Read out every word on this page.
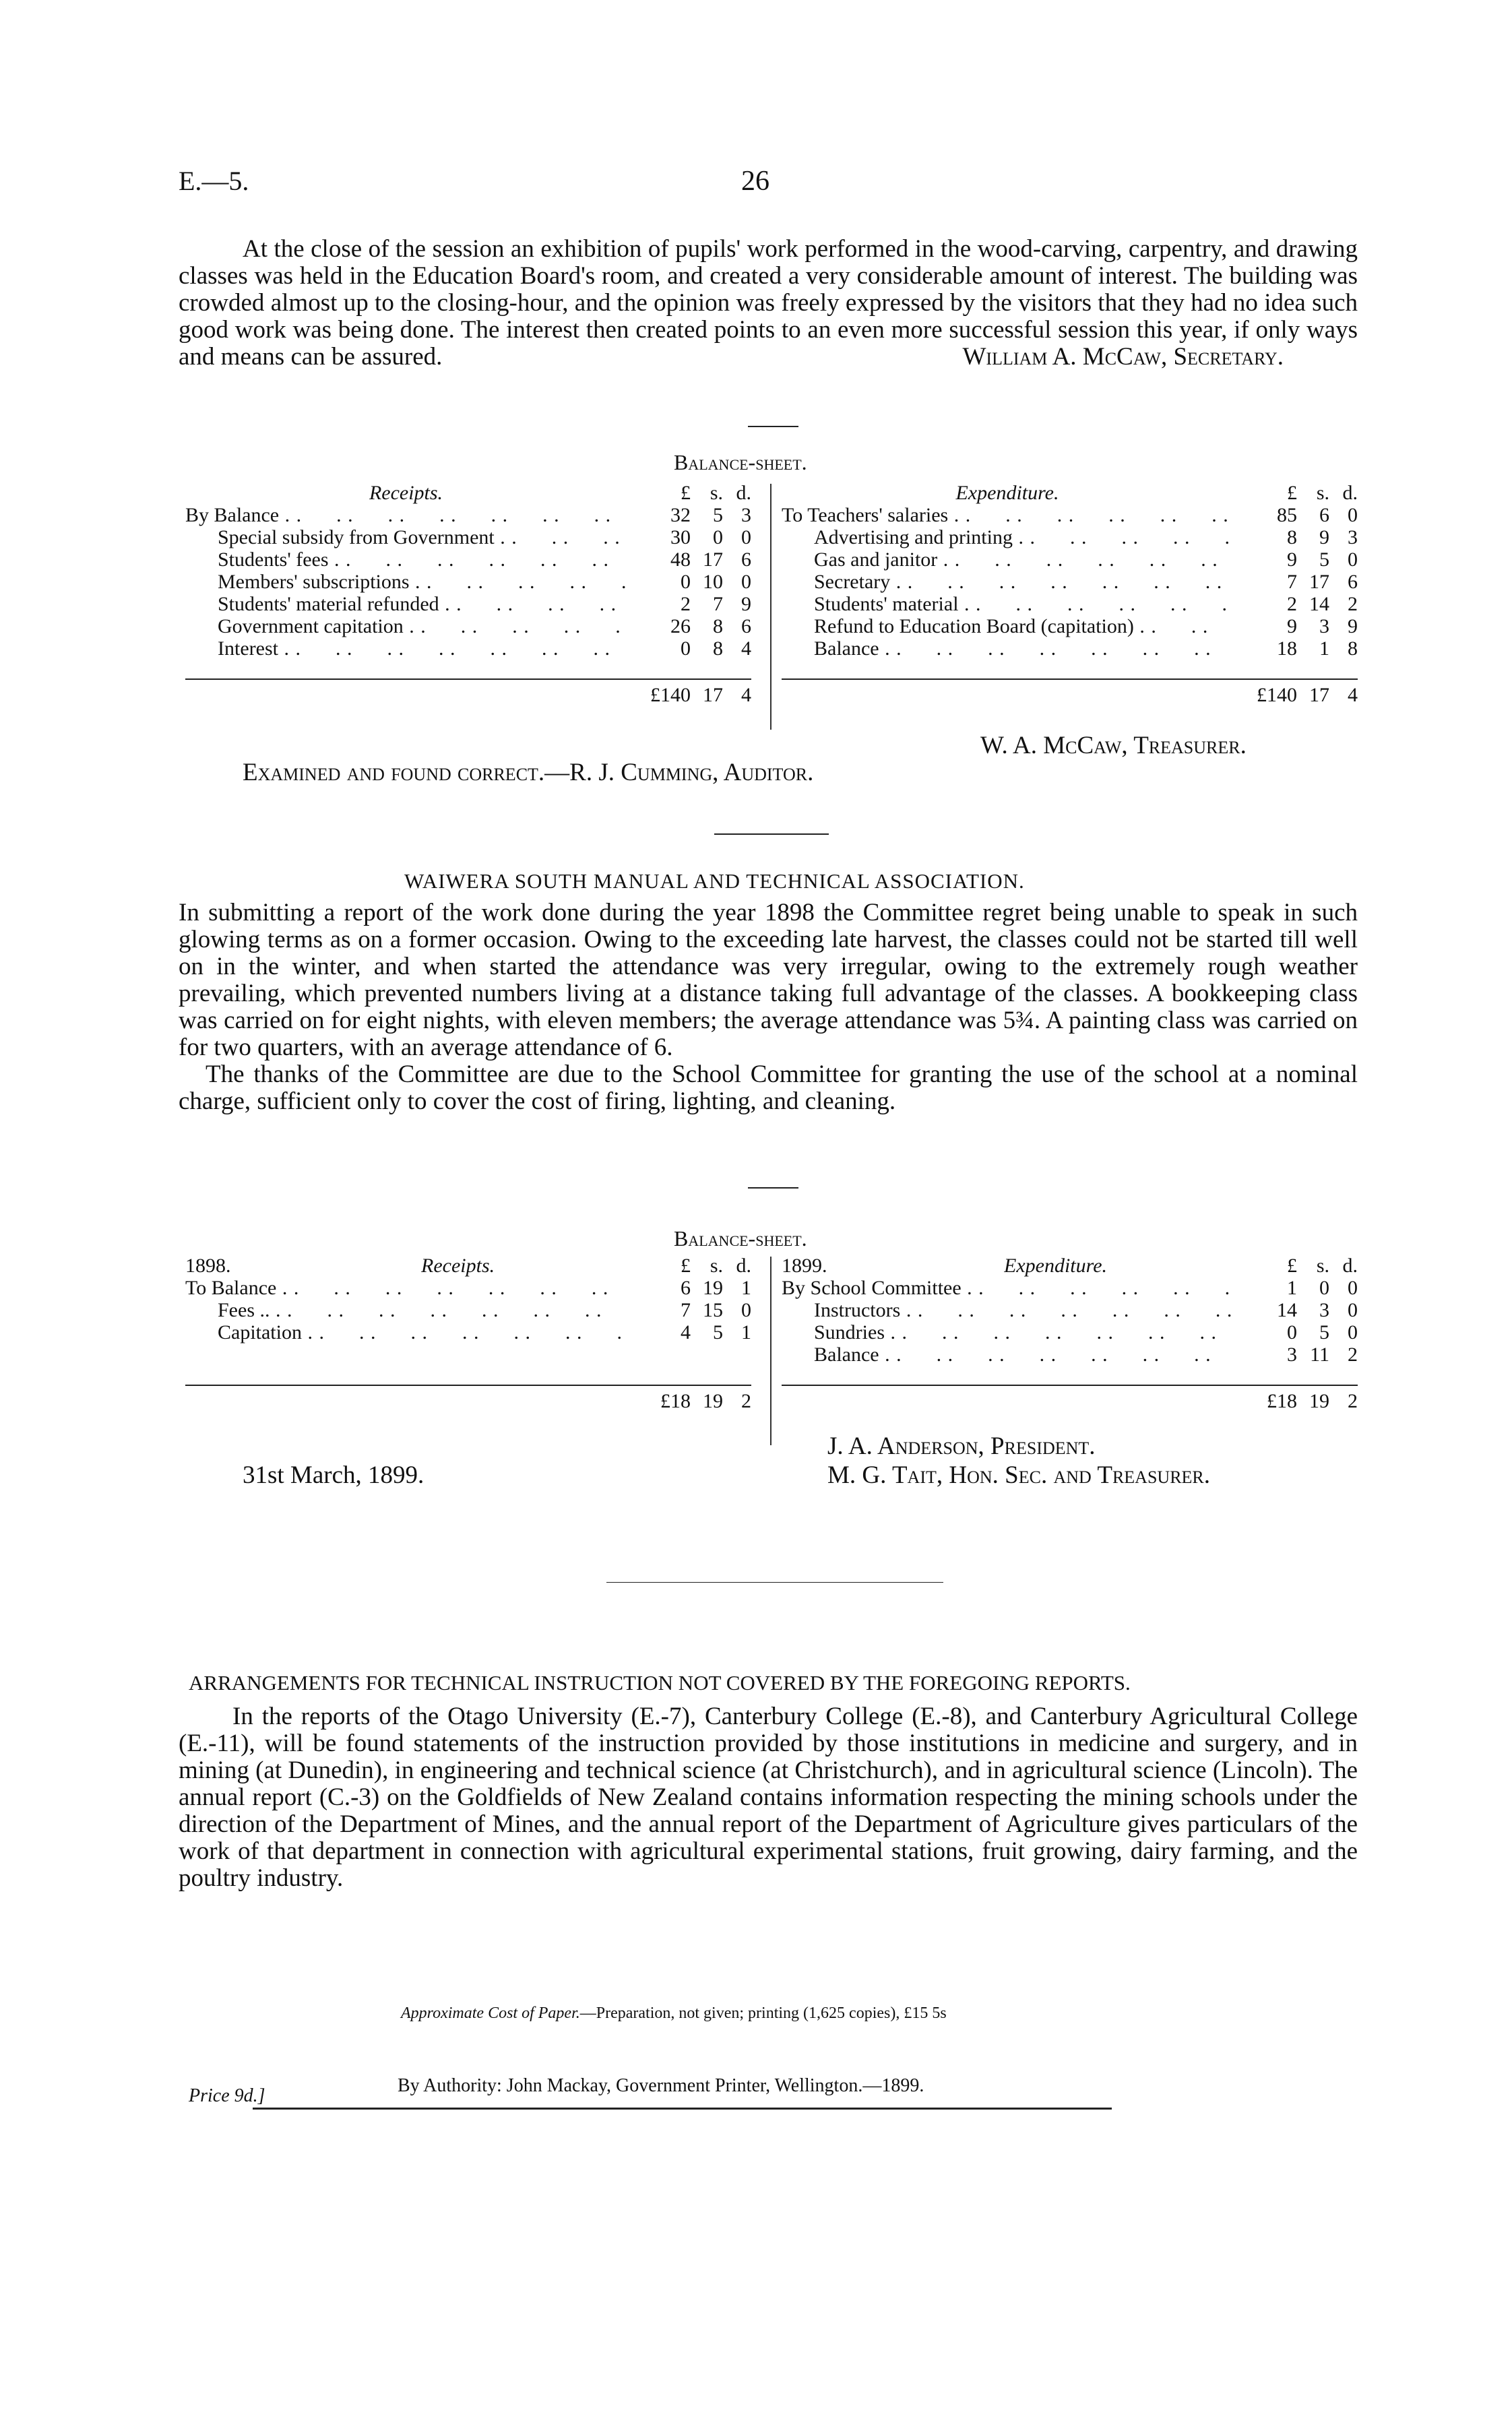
E.—5.	26

At the close of the session an exhibition of pupils' work performed in the wood-carving, carpentry, and drawing classes was held in the Education Board's room, and created a very considerable amount of interest. The building was crowded almost up to the closing-hour, and the opinion was freely expressed by the visitors that they had no idea such good work was being done. The interest then created points to an even more successful session this year, if only ways and means can be assured.	William A. McCaw, Secretary.
Balance-sheet.
Receipts.	£ s. d.
By Balance . .	32	5 3
Special subsidy from Government . .	30	0 0
Students' fees . .	48 17 6
Members' subscriptions . .	0 10 0
Students' material refunded . .	2	7 9
Government capitation . .	26	8 6
Interest . .	0	8 4
£140 17 4
Expenditure.	£ s. d.
To Teachers' salaries . .	85	6 0
Advertising and printing . .	8	9 3
Gas and janitor . .	9	5 0
Secretary . .	7 17 6
Students' material . .	2 14 2
Refund to Education Board (capitation) . .	9	3 9
Balance . .	18	1 8
£140 17 4
W. A. McCaw, Treasurer.
Examined and found correct.—R. J. Cumming, Auditor.
WAIWERA SOUTH MANUAL AND TECHNICAL ASSOCIATION.

In submitting a report of the work done during the year 1898 the Committee regret being unable to speak in such glowing terms as on a former occasion. Owing to the exceeding late harvest, the classes could not be started till well on in the winter, and when started the attendance was very irregular, owing to the extremely rough weather prevailing, which prevented numbers living at a distance taking full advantage of the classes. A bookkeeping class was carried on for eight nights, with eleven members; the average attendance was 5¾. A painting class was carried on for two quarters, with an average attendance of 6.

The thanks of the Committee are due to the School Committee for granting the use of the school at a nominal charge, sufficient only to cover the cost of firing, lighting, and cleaning.

Balance-sheet.
1898.	Receipts.	£ s. d.
To Balance . .	6 19 1
Fees .. . .	7 15 0
Capitation . .	4	5 1
£18 19 2
1899.	Expenditure.	£ s. d.
By School Committee . .	1	0 0
Instructors . .	14	3 0
Sundries . .	0	5 0
Balance . .	3 11 2
£18 19 2
J. A. Anderson, President.
31st March, 1899.	M. G. Tait, Hon. Sec. and Treasurer.
ARRANGEMENTS FOR TECHNICAL INSTRUCTION NOT COVERED BY THE FOREGOING REPORTS.

In the reports of the Otago University (E.-7), Canterbury College (E.-8), and Canterbury Agricultural College (E.-11), will be found statements of the instruction provided by those institutions in medicine and surgery, and in mining (at Dunedin), in engineering and technical science (at Christchurch), and in agricultural science (Lincoln). The annual report (C.-3) on the Goldfields of New Zealand contains information respecting the mining schools under the direction of the Department of Mines, and the annual report of the Department of Agriculture gives particulars of the work of that department in connection with agricultural experimental stations, fruit growing, dairy farming, and the poultry industry.

Approximate Cost of Paper.—Preparation, not given; printing (1,625 copies), £15 5s
By Authority: John Mackay, Government Printer, Wellington.—1899.
Price 9d.]
